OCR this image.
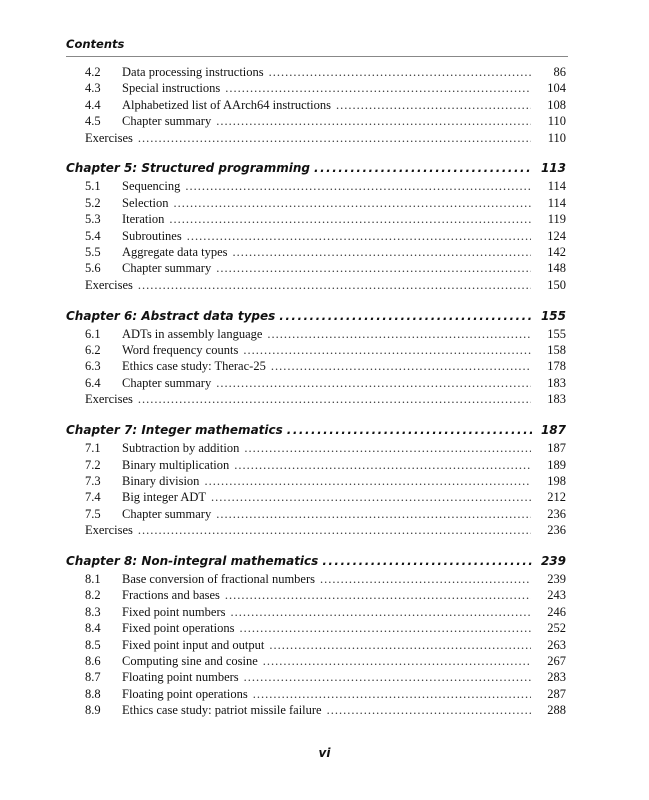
Contents
4.2	Data processing instructions .....	86
4.3	Special instructions .....	104
4.4	Alphabetized list of AArch64 instructions .....	108
4.5	Chapter summary .....	110
Exercises .....	110
Chapter 5: Structured programming .....	113
5.1	Sequencing .....	114
5.2	Selection .....	114
5.3	Iteration .....	119
5.4	Subroutines .....	124
5.5	Aggregate data types .....	142
5.6	Chapter summary .....	148
Exercises .....	150
Chapter 6: Abstract data types .....	155
6.1	ADTs in assembly language .....	155
6.2	Word frequency counts .....	158
6.3	Ethics case study: Therac-25 .....	178
6.4	Chapter summary .....	183
Exercises .....	183
Chapter 7: Integer mathematics .....	187
7.1	Subtraction by addition .....	187
7.2	Binary multiplication .....	189
7.3	Binary division .....	198
7.4	Big integer ADT .....	212
7.5	Chapter summary .....	236
Exercises .....	236
Chapter 8: Non-integral mathematics .....	239
8.1	Base conversion of fractional numbers .....	239
8.2	Fractions and bases .....	243
8.3	Fixed point numbers .....	246
8.4	Fixed point operations .....	252
8.5	Fixed point input and output .....	263
8.6	Computing sine and cosine .....	267
8.7	Floating point numbers .....	283
8.8	Floating point operations .....	287
8.9	Ethics case study: patriot missile failure .....	288
vi
